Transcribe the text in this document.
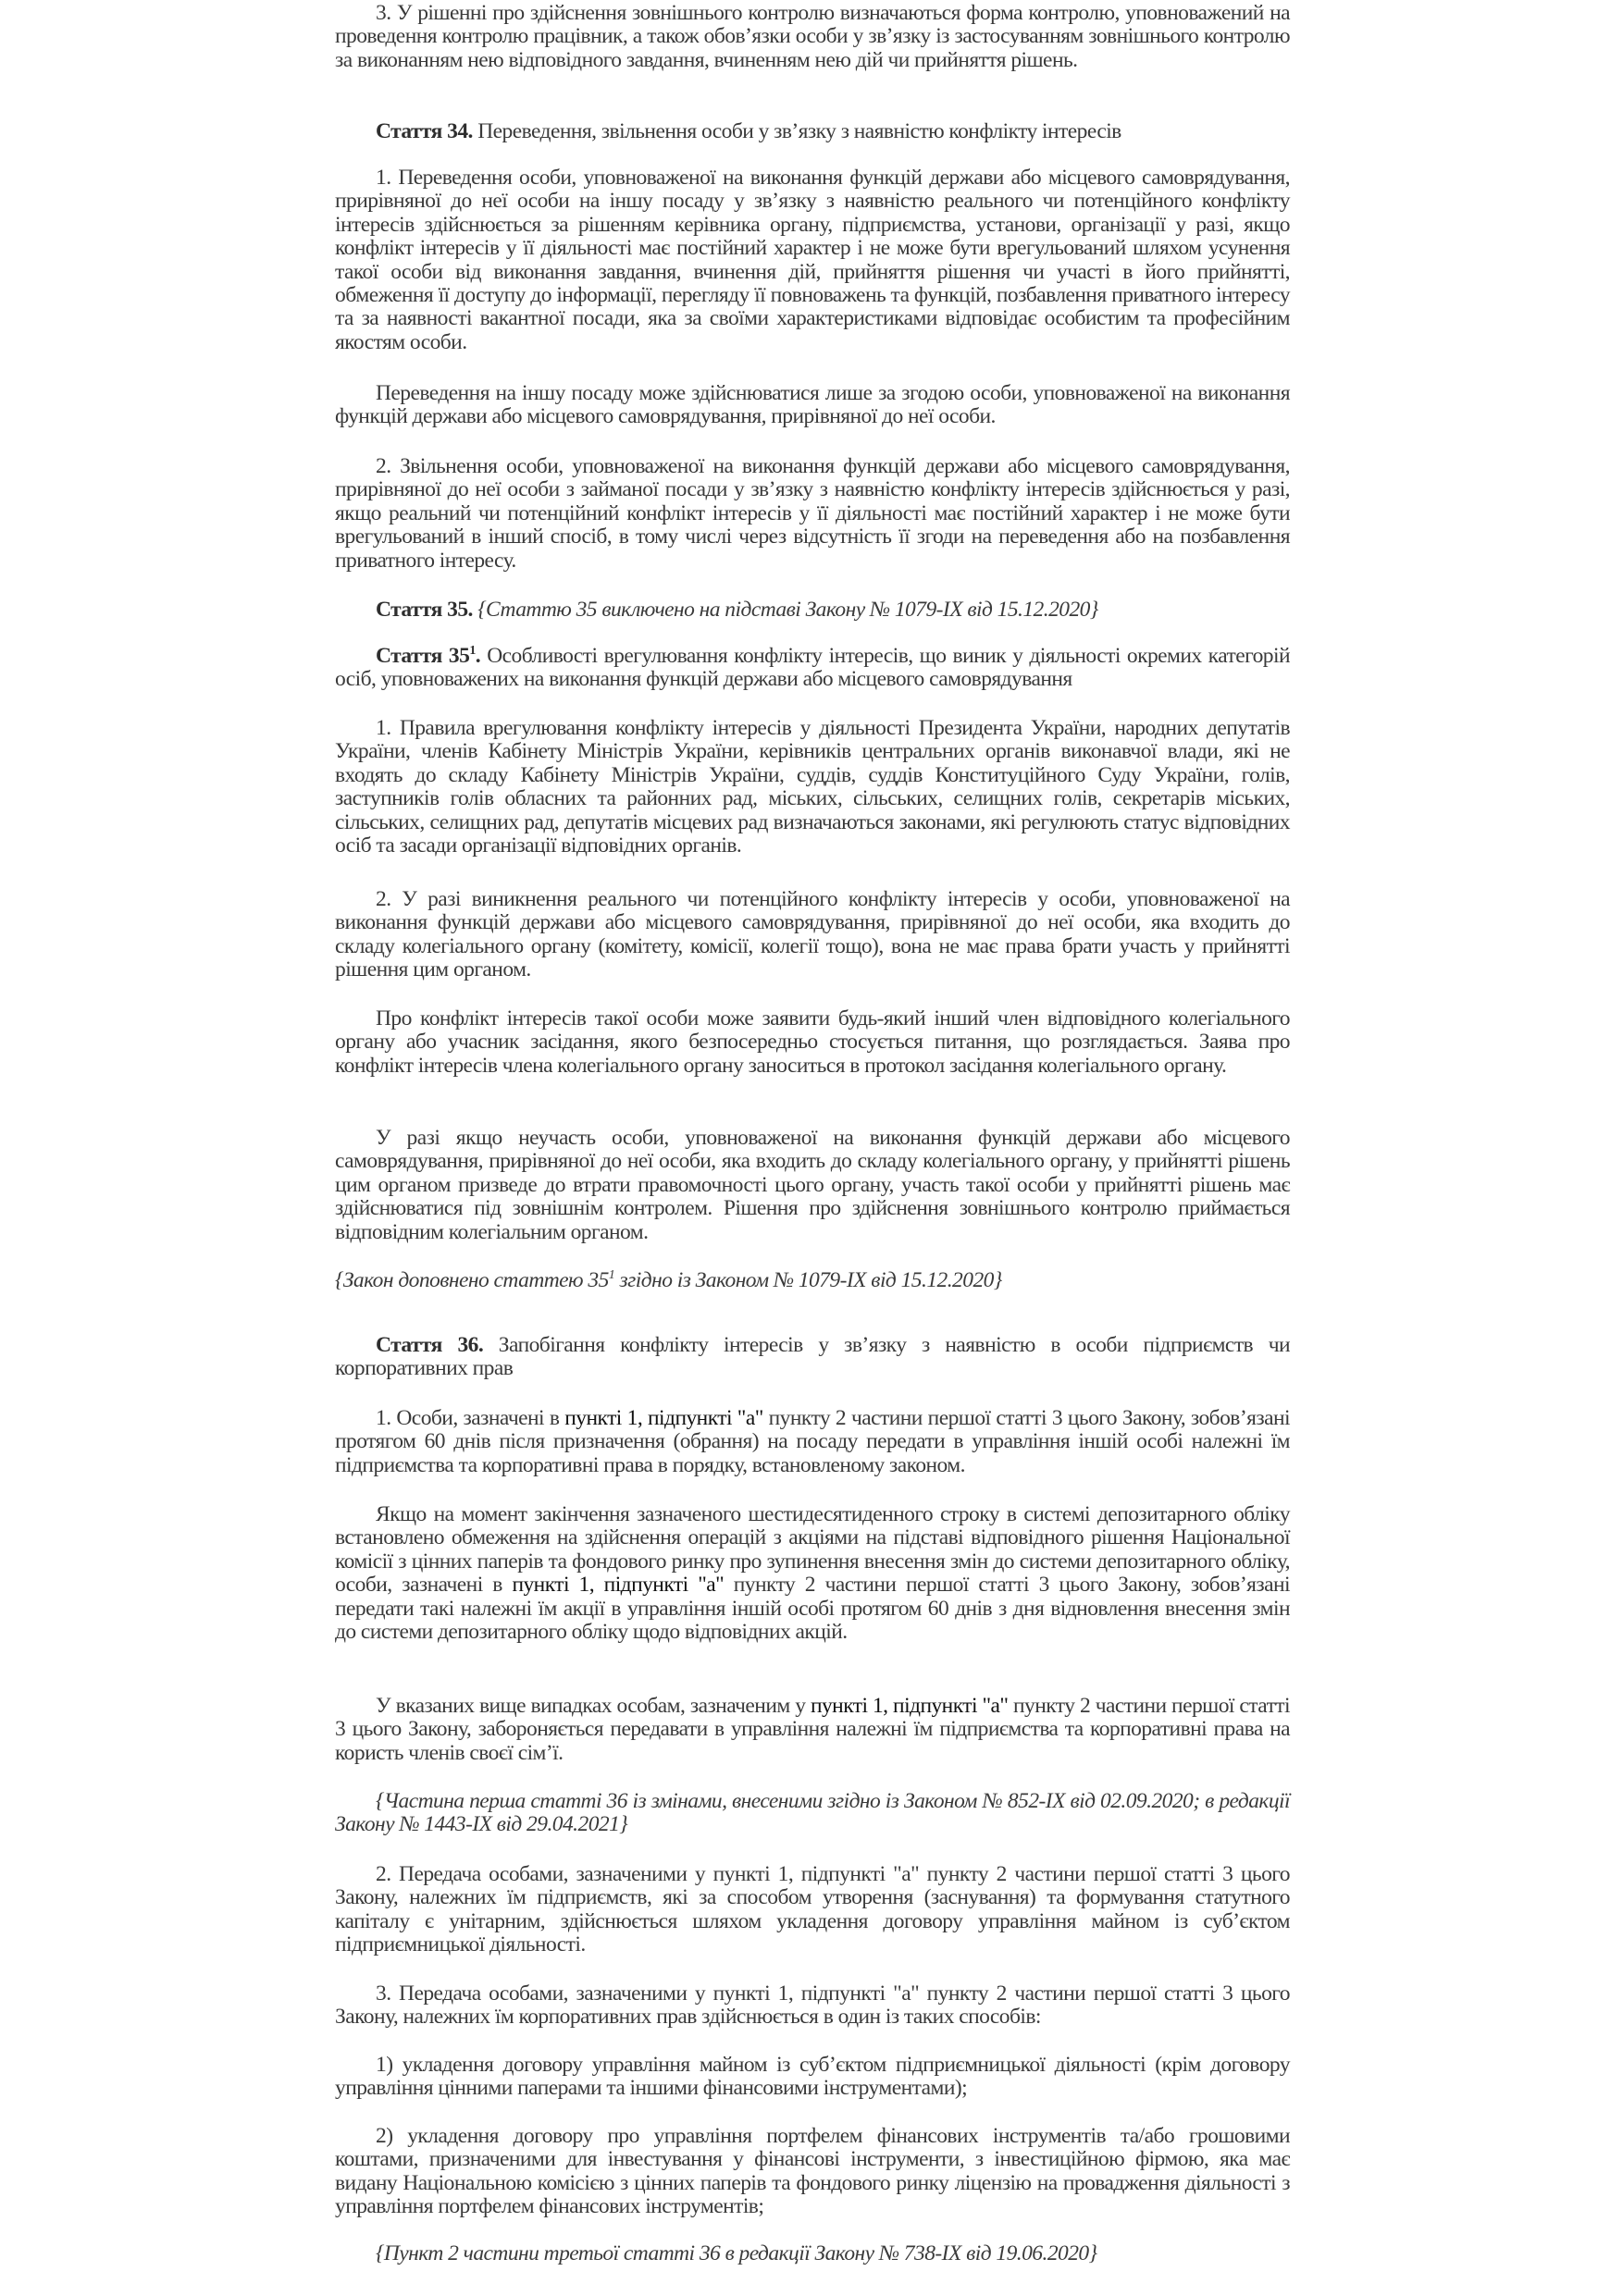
3. У рішенні про здійснення зовнішнього контролю визначаються форма контролю, уповноважений на проведення контролю працівник, а також обов’язки особи у зв’язку із застосуванням зовнішнього контролю за виконанням нею відповідного завдання, вчиненням нею дій чи прийняття рішень.

Стаття 34. Переведення, звільнення особи у зв’язку з наявністю конфлікту інтересів

1. Переведення особи, уповноваженої на виконання функцій держави або місцевого самоврядування, прирівняної до неї особи на іншу посаду у зв’язку з наявністю реального чи потенційного конфлікту інтересів здійснюється за рішенням керівника органу, підприємства, установи, організації у разі, якщо конфлікт інтересів у її діяльності має постійний характер і не може бути врегульований шляхом усунення такої особи від виконання завдання, вчинення дій, прийняття рішення чи участі в його прийнятті, обмеження її доступу до інформації, перегляду її повноважень та функцій, позбавлення приватного інтересу та за наявності вакантної посади, яка за своїми характеристиками відповідає особистим та професійним якостям особи.

Переведення на іншу посаду може здійснюватися лише за згодою особи, уповноваженої на виконання функцій держави або місцевого самоврядування, прирівняної до неї особи.

2. Звільнення особи, уповноваженої на виконання функцій держави або місцевого самоврядування, прирівняної до неї особи з займаної посади у зв’язку з наявністю конфлікту інтересів здійснюється у разі, якщо реальний чи потенційний конфлікт інтересів у її діяльності має постійний характер і не може бути врегульований в інший спосіб, в тому числі через відсутність її згоди на переведення або на позбавлення приватного інтересу.

Стаття 35. {Статтю 35 виключено на підставі Закону № 1079-IX від 15.12.2020}

Стаття $35^1$. Особливості врегулювання конфлікту інтересів, що виник у діяльності окремих категорій осіб, уповноважених на виконання функцій держави або місцевого самоврядування

1. Правила врегулювання конфлікту інтересів у діяльності Президента України, народних депутатів України, членів Кабінету Міністрів України, керівників центральних органів виконавчої влади, які не входять до складу Кабінету Міністрів України, суддів, суддів Конституційного Суду України, голів, заступників голів обласних та районних рад, міських, сільських, селищних голів, секретарів міських, сільських, селищних рад, депутатів місцевих рад визначаються законами, які регулюють статус відповідних осіб та засади організації відповідних органів.

2. У разі виникнення реального чи потенційного конфлікту інтересів у особи, уповноваженої на виконання функцій держави або місцевого самоврядування, прирівняної до неї особи, яка входить до складу колегіального органу (комітету, комісії, колегії тощо), вона не має права брати участь у прийнятті рішення цим органом.

Про конфлікт інтересів такої особи може заявити будь-який інший член відповідного колегіального органу або учасник засідання, якого безпосередньо стосується питання, що розглядається. Заява про конфлікт інтересів члена колегіального органу заноситься в протокол засідання колегіального органу.

У разі якщо неучасть особи, уповноваженої на виконання функцій держави або місцевого самоврядування, прирівняної до неї особи, яка входить до складу колегіального органу, у прийнятті рішень цим органом призведе до втрати правомочності цього органу, участь такої особи у прийнятті рішень має здійснюватися під зовнішнім контролем. Рішення про здійснення зовнішнього контролю приймається відповідним колегіальним органом.

{Закон доповнено статтею $35^1$ згідно із Законом № 1079-IX від 15.12.2020}

Стаття 36. Запобігання конфлікту інтересів у зв’язку з наявністю в особи підприємств чи корпоративних прав

1. Особи, зазначені в пункті 1, підпункті "а" пункту 2 частини першої статті 3 цього Закону, зобов’язані протягом 60 днів після призначення (обрання) на посаду передати в управління іншій особі належні їм підприємства та корпоративні права в порядку, встановленому законом.

Якщо на момент закінчення зазначеного шестидесятиденного строку в системі депозитарного обліку встановлено обмеження на здійснення операцій з акціями на підставі відповідного рішення Національної комісії з цінних паперів та фондового ринку про зупинення внесення змін до системи депозитарного обліку, особи, зазначені в пункті 1, підпункті "а" пункту 2 частини першої статті 3 цього Закону, зобов’язані передати такі належні їм акції в управління іншій особі протягом 60 днів з дня відновлення внесення змін до системи депозитарного обліку щодо відповідних акцій.

У вказаних вище випадках особам, зазначеним у пункті 1, підпункті "а" пункту 2 частини першої статті 3 цього Закону, забороняється передавати в управління належні їм підприємства та корпоративні права на користь членів своєї сім’ї.

{Частина перша статті 36 із змінами, внесеними згідно із Законом № 852-IX від 02.09.2020; в редакції Закону № 1443-IX від 29.04.2021}

2. Передача особами, зазначеними у пункті 1, підпункті "а" пункту 2 частини першої статті 3 цього Закону, належних їм підприємств, які за способом утворення (заснування) та формування статутного капіталу є унітарним, здійснюється шляхом укладення договору управління майном із суб’єктом підприємницької діяльності.

3. Передача особами, зазначеними у пункті 1, підпункті "а" пункту 2 частини першої статті 3 цього Закону, належних їм корпоративних прав здійснюється в один із таких способів:

1) укладення договору управління майном із суб’єктом підприємницької діяльності (крім договору управління цінними паперами та іншими фінансовими інструментами);

2) укладення договору про управління портфелем фінансових інструментів та/або грошовими коштами, призначеними для інвестування у фінансові інструменти, з інвестиційною фірмою, яка має видану Національною комісією з цінних паперів та фондового ринку ліцензію на провадження діяльності з управління портфелем фінансових інструментів;

{Пункт 2 частини третьої статті 36 в редакції Закону № 738-IX від 19.06.2020}
